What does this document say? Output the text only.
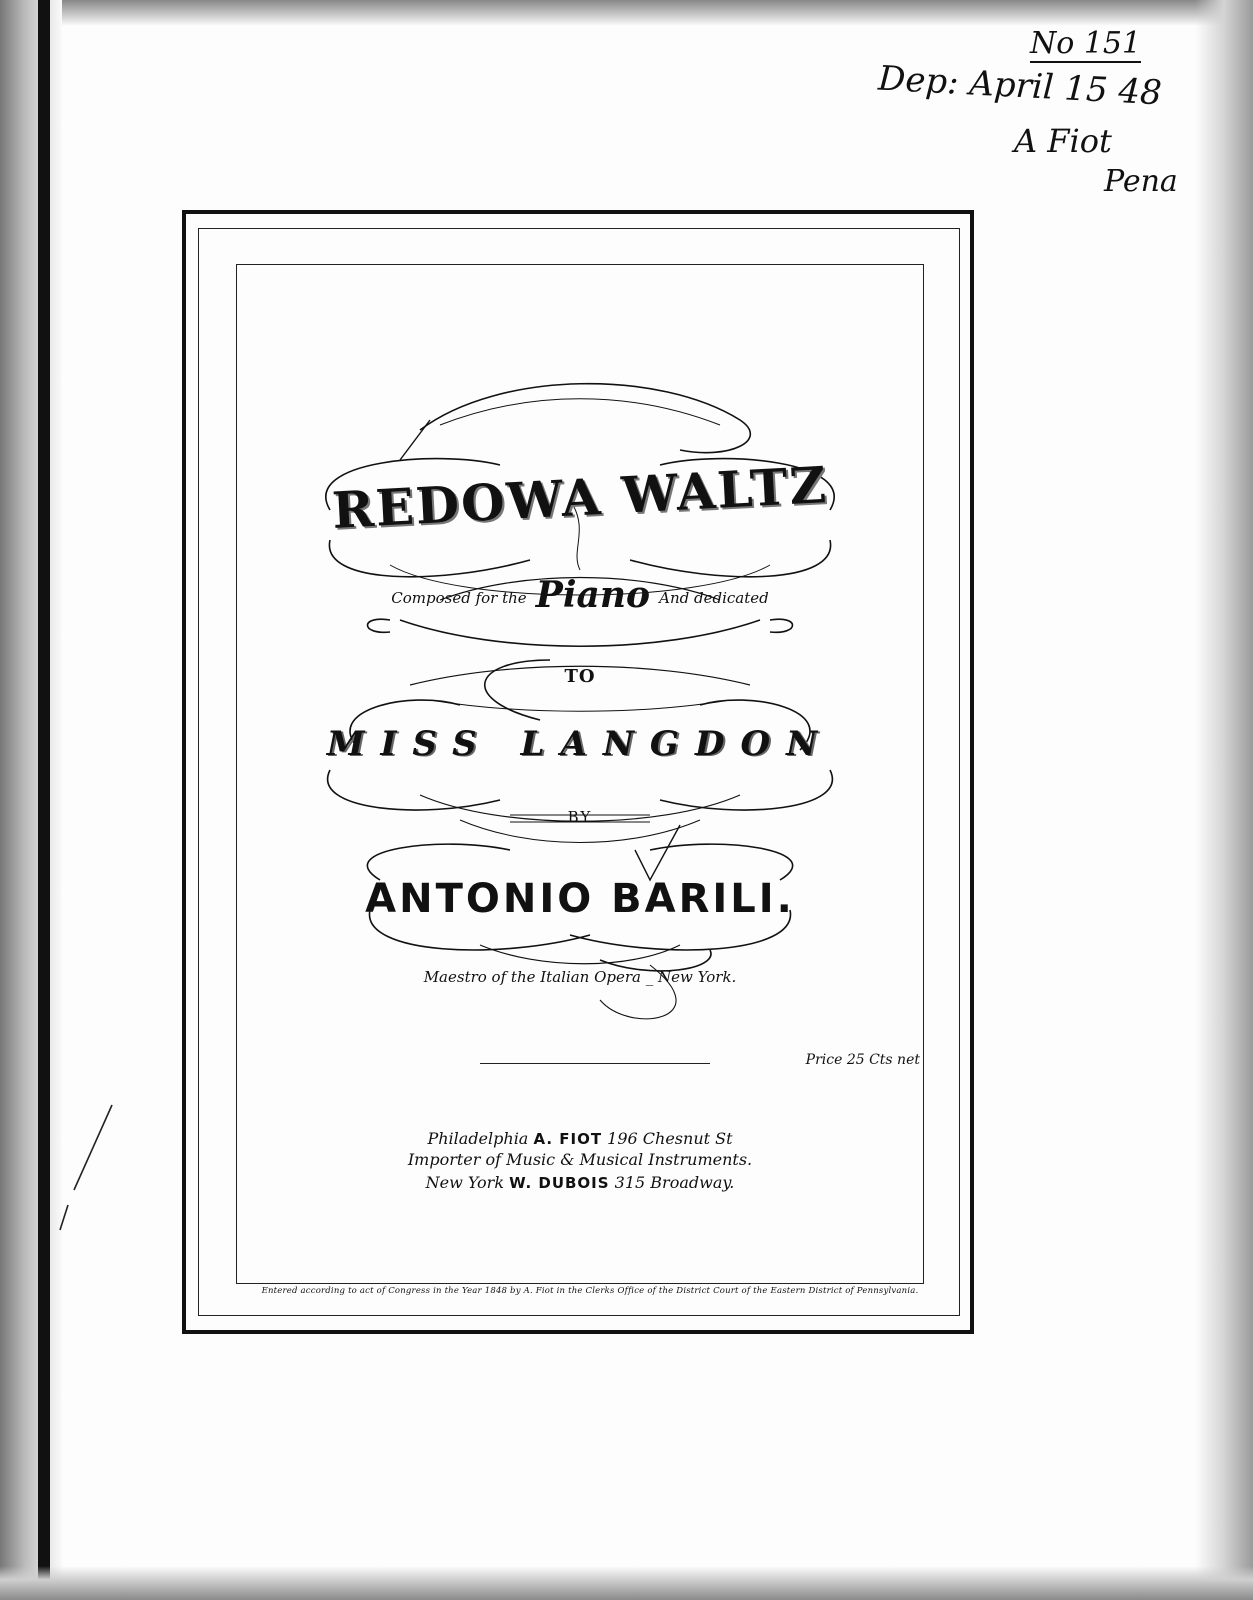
No 151
Dep: April 15 48
A Fiot
Pena
REDOWA WALTZ
Composed for the Piano And dedicated
TO
MISS LANGDON
BY
ANTONIO BARILI.
Maestro of the Italian Opera _ New York.
Price 25 Cts net
Philadelphia A. FIOT 196 Chesnut St
Importer of Music & Musical Instruments.
New York W. DUBOIS 315 Broadway.
Entered according to act of Congress in the Year 1848 by A. Fiot in the Clerks Office of the District Court of the Eastern District of Pennsylvania.
